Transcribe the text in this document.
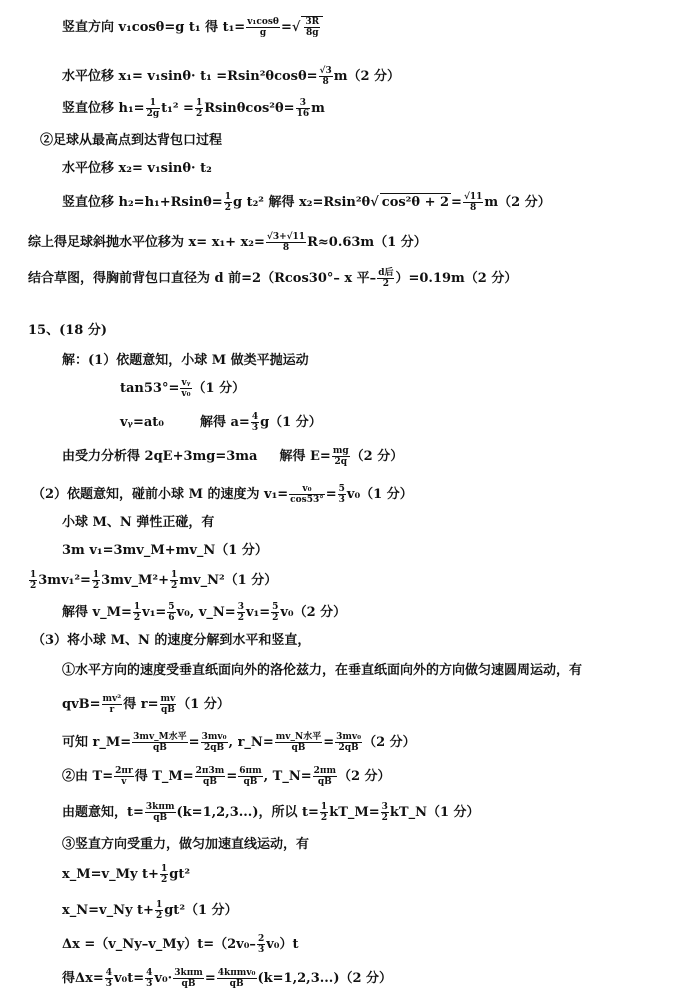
竖直方向 v₁cosθ=g t₁ 得 $t_1= \frac{\text{v₁cosθ}}{g}$ =√ $\frac{3R}{8g}$
水平位移 $x_1= v_1\sin\theta\cdot t_1 =Rsin^2\theta\cos\theta= \frac{√3}{8} m(2$ 分）
竖直位移 $h_1= \frac{1}{2g} t_1^2 = \frac{1}{2} Rsin\theta\cos^2\theta= \frac{3}{16}$ m
②足球从最高点到达背包口过程
水平位移 x₂= v₁sinθ· t₂
竖直位移 $h_2=h_1+Rsin\theta= \frac{1}{2}$ g t₂² 解得 x₂=Rsin²θ√ $\cos^2\theta + 2 = \frac{√11}{8} m(2$ 分）
综上得足球斜抛水平位移为 $x= x_1+ x_2= \frac{√3+√11}{8} R\approx 0.63m(1$ 分）
结合草图，得胸前背包口直径为 d 前=2（Rcos30°– x 平– $\frac{\text{d后}}{2} )=0.19m(2$ 分）
15、(18 分)
解：(1）依题意知，小球 M 做类平抛运动
$\tan 53^\circ= \frac{\text{vᵧ}}{\text{v₀}} (1$ 分）
vᵧ=at₀	解得 $a= \frac{4}{3} g(1$ 分）
由受力分析得 2qE+3mg=3ma 解得 $E= \frac{mg}{2q} (2$ 分）
（2）依题意知，碰前小球 M 的速度为 $v_1= \frac{\text{v₀}}{\cos 53^\circ} = \frac{5}{3} v_0(1$ 分）
小球 M、N 弹性正碰，有
3m v₁=3mv_M+mv_N（1 分）
$\frac{1}{2} 3mv_1^2= \frac{1}{2}$ 3mv_M²+ $\frac{1}{2}$ mv_N²（1 分）
解得 v_M= $\frac{1}{2} v_1= \frac{5}{6} v_0$, v_N= $\frac{3}{2} v_1= \frac{5}{2} v_0(2$ 分）
（3）将小球 M、N 的速度分解到水平和竖直，
①水平方向的速度受垂直纸面向外的洛伦兹力，在垂直纸面向外的方向做匀速圆周运动，有
$qvB= \frac{\text{mv²}}{r}$ 得 $r= \frac{mv}{qB} (1$ 分）
可知 r_M= $\frac{\text{3mv\_M水平}}{qB} = \frac{\text{3mv₀}}{2qB}$ , r_N= $\frac{\text{mv\_N水平}}{qB} = \frac{\text{3mv₀}}{2qB} (2$ 分）
②由 $T= \frac{2\pi r}{v}$ 得 T_M= $\frac{2\pi 3m}{qB} = \frac{6\pi m}{qB}$ , T_N= $\frac{2\pi m}{qB} (2$ 分）
由题意知，$t= \frac{\text{3kπm}}{qB} (k=1,2,3...)$，所以 $t= \frac{1}{2}$ kT_M= $\frac{3}{2}$ kT_N（1 分）
③竖直方向受重力，做匀加速直线运动，有
x_M=v_My $t+ \frac{1}{2} gt^2$
x_N=v_Ny $t+ \frac{1}{2} gt^2(1$ 分）
Δx =（v_Ny–v_My）t=（2v₀– $\frac{2}{3} v_0)t$
得$\Delta x= \frac{4}{3} v_0t= \frac{4}{3} v_0\cdot \frac{\text{3kπm}}{qB} = \frac{\text{4kπmv₀}}{qB} (k=1,2,3...)(2$ 分）
